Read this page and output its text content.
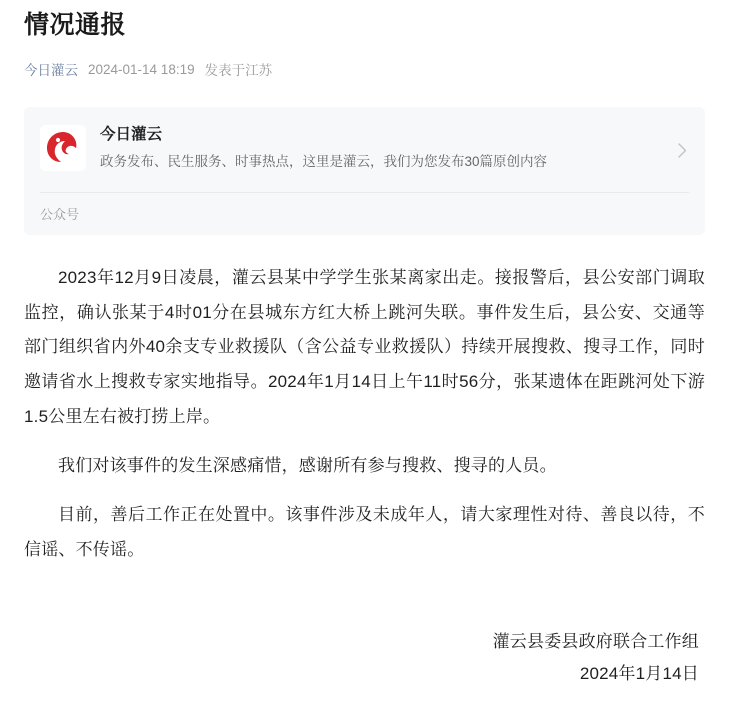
情况通报
今日灌云 2024-01-14 18:19 发表于江苏
今日灌云
政务发布、民生服务、时事热点，这里是灌云，我们为您发布30篇原创内容
公众号

2023年12月9日凌晨，灌云县某中学学生张某离家出走。接报警后，县公安部门调取监控，确认张某于4时01分在县城东方红大桥上跳河失联。事件发生后，县公安、交通等部门组织省内外40余支专业救援队（含公益专业救援队）持续开展搜救、搜寻工作，同时邀请省水上搜救专家实地指导。2024年1月14日上午11时56分，张某遗体在距跳河处下游1.5公里左右被打捞上岸。

我们对该事件的发生深感痛惜，感谢所有参与搜救、搜寻的人员。

目前，善后工作正在处置中。该事件涉及未成年人，请大家理性对待、善良以待，不信谣、不传谣。

灌云县委县政府联合工作组
2024年1月14日
